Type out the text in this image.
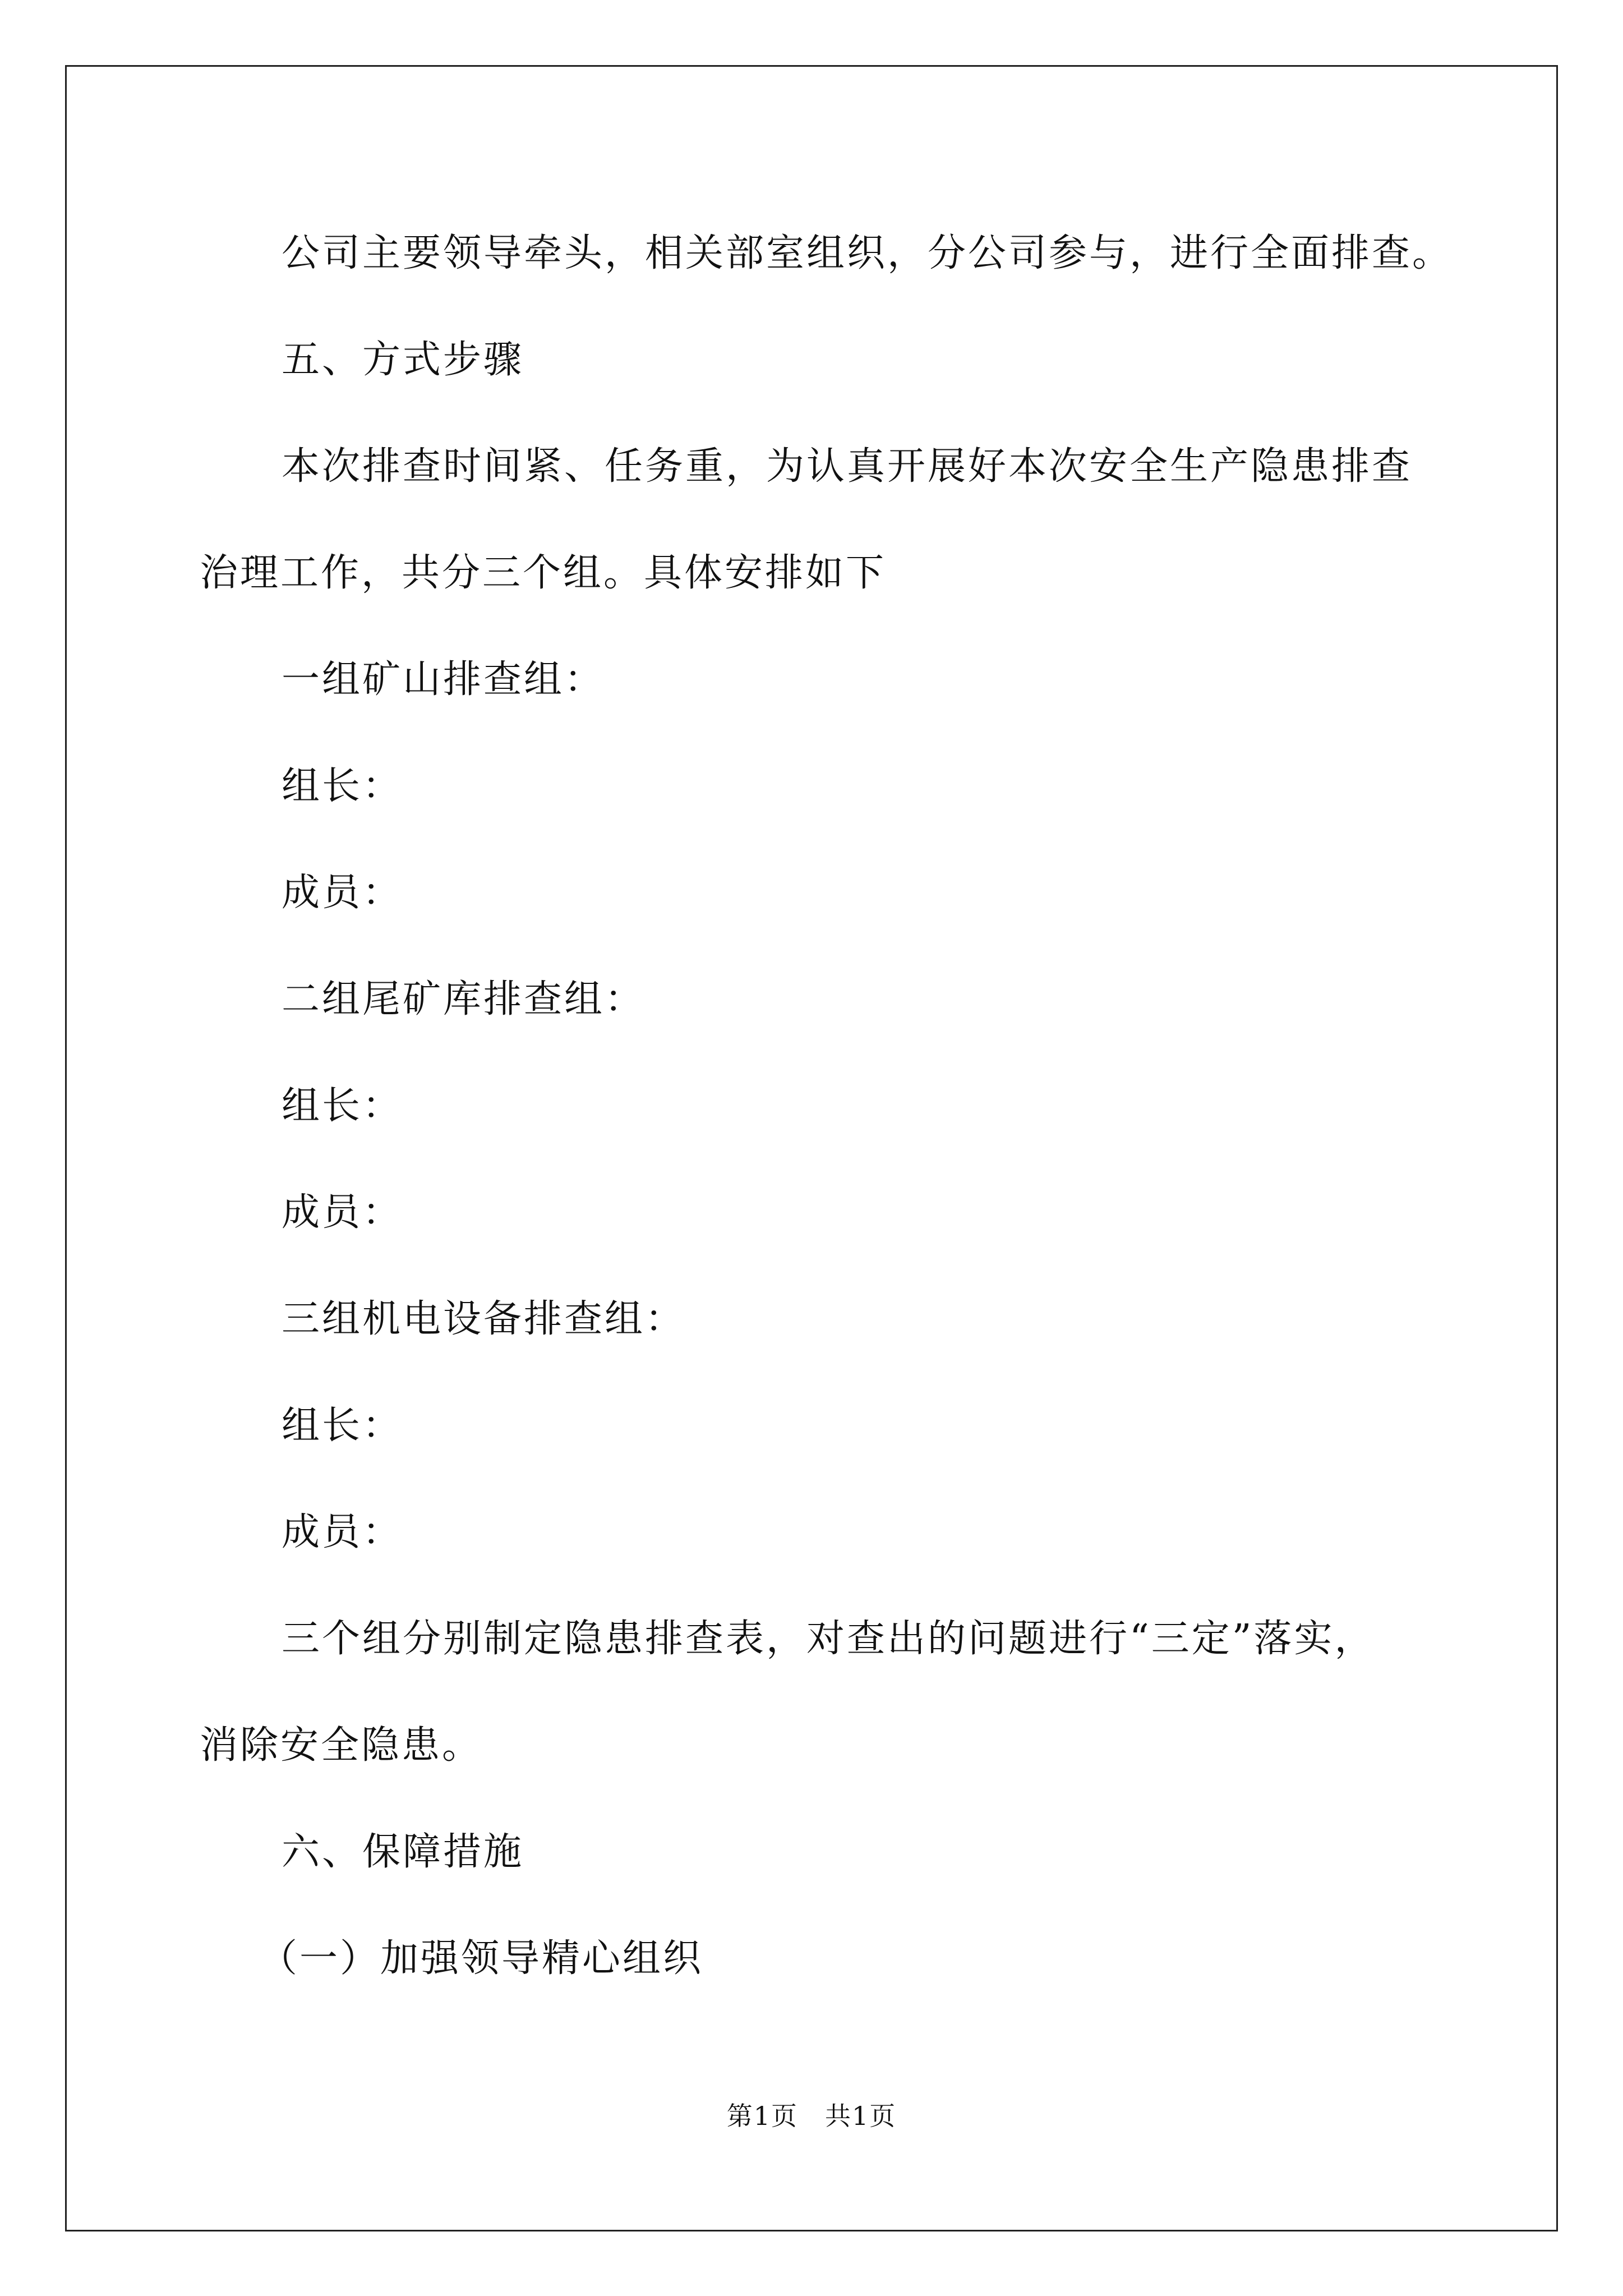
公司主要领导牵头，相关部室组织，分公司参与，进行全面排查。
五、方式步骤
本次排查时间紧、任务重，为认真开展好本次安全生产隐患排查
治理工作，共分三个组。具体安排如下
一组矿山排查组：
组长：
成员：
二组尾矿库排查组：
组长：
成员：
三组机电设备排查组：
组长：
成员：
三个组分别制定隐患排查表，对查出的问题进行“三定”落实，
消除安全隐患。
六、保障措施
（一）加强领导精心组织
第1页　共1页
